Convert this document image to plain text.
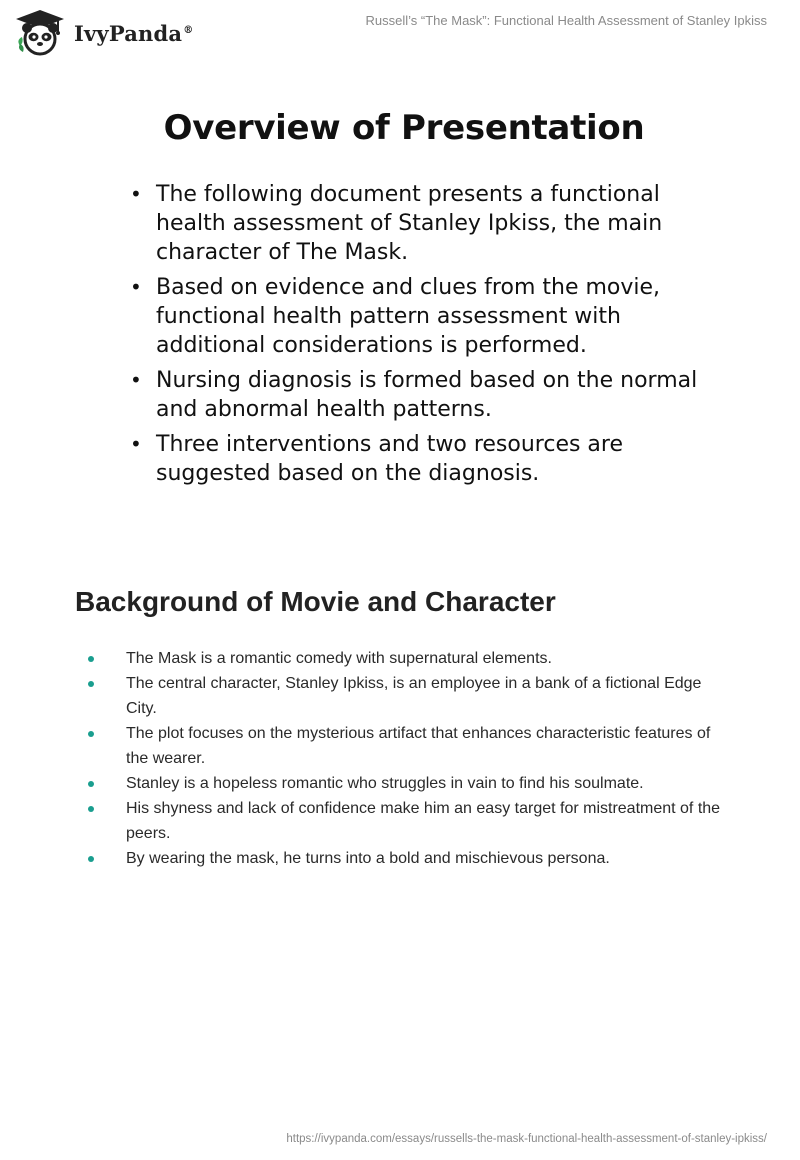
IvyPanda®
Russell’s “The Mask”: Functional Health Assessment of Stanley Ipkiss
Overview of Presentation
• The following document presents a functional health assessment of Stanley Ipkiss, the main character of The Mask.
• Based on evidence and clues from the movie, functional health pattern assessment with additional considerations is performed.
• Nursing diagnosis is formed based on the normal and abnormal health patterns.
• Three interventions and two resources are suggested based on the diagnosis.
Background of Movie and Character
The Mask is a romantic comedy with supernatural elements.
The central character, Stanley Ipkiss, is an employee in a bank of a fictional Edge City.
The plot focuses on the mysterious artifact that enhances characteristic features of the wearer.
Stanley is a hopeless romantic who struggles in vain to find his soulmate.
His shyness and lack of confidence make him an easy target for mistreatment of the peers.
By wearing the mask, he turns into a bold and mischievous persona.
https://ivypanda.com/essays/russells-the-mask-functional-health-assessment-of-stanley-ipkiss/
